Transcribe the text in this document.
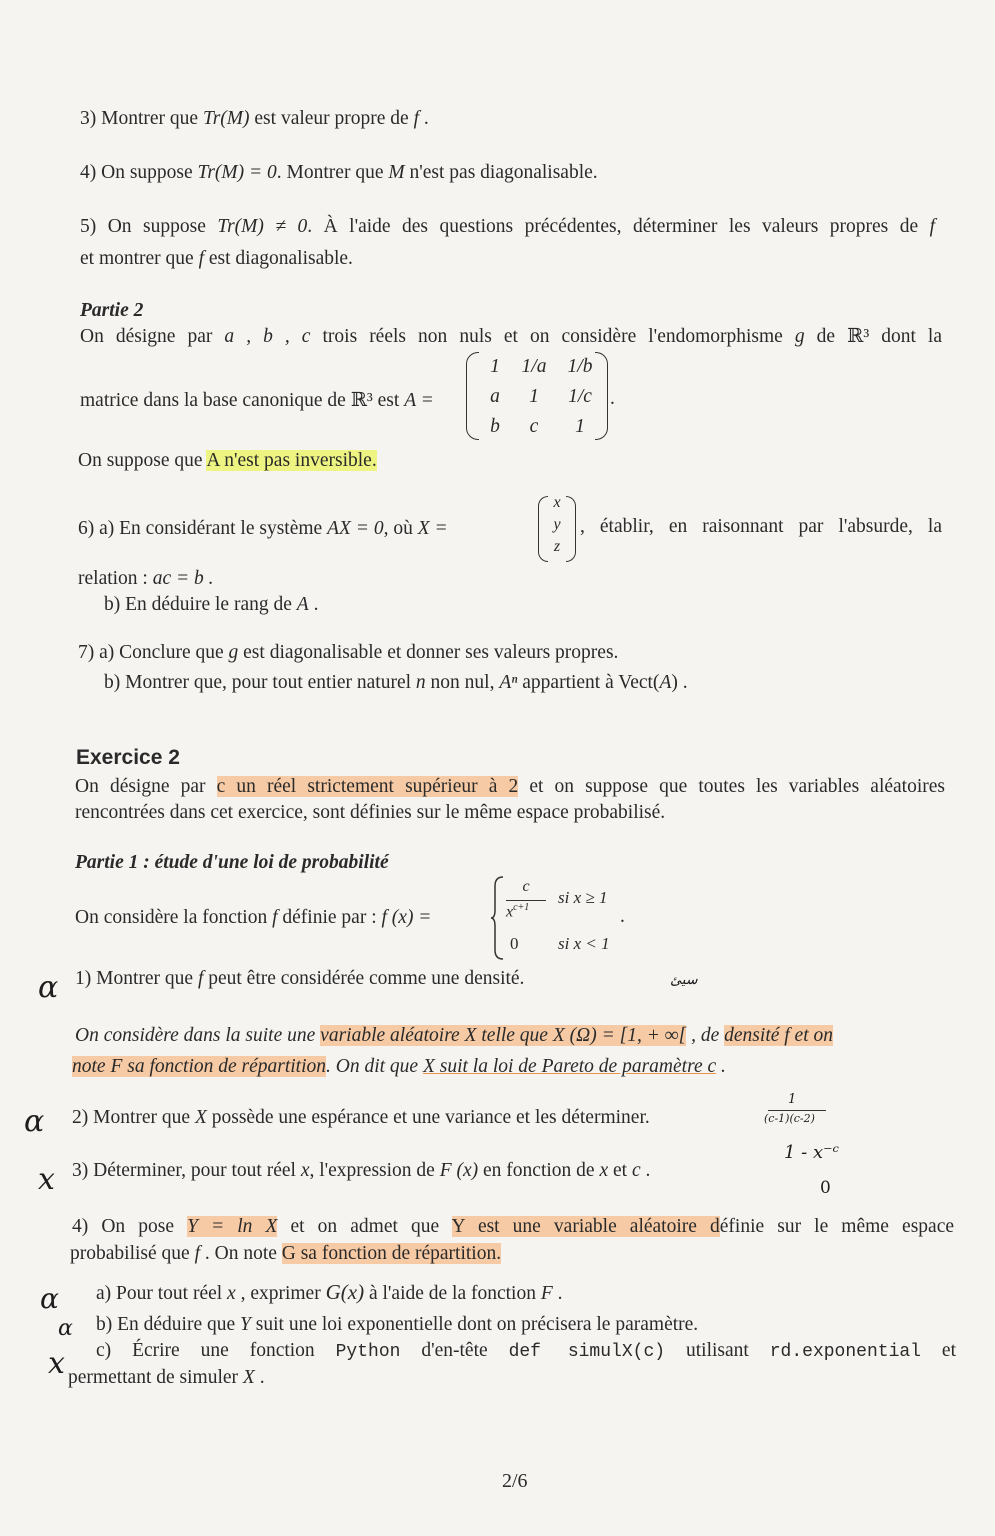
3) Montrer que Tr(M) est valeur propre de f .
4) On suppose Tr(M) = 0. Montrer que M n'est pas diagonalisable.
5) On suppose Tr(M) ≠ 0. À l'aide des questions précédentes, déterminer les valeurs propres de f
et montrer que f est diagonalisable.
Partie 2
On désigne par a , b , c trois réels non nuls et on considère l'endomorphisme g de ℝ³ dont la
matrice dans la base canonique de ℝ³ est A =
1	1/a	1/b
a	1	1/c
b	c	1
.
On suppose que A n'est pas inversible.
6) a) En considérant le système AX = 0, où X =
x
y
z
, établir, en raisonnant par l'absurde, la
relation : ac = b .
b) En déduire le rang de A .
7) a) Conclure que g est diagonalisable et donner ses valeurs propres.
b) Montrer que, pour tout entier naturel n non nul, Aⁿ appartient à Vect(A) .
Exercice 2
On désigne par c un réel strictement supérieur à 2 et on suppose que toutes les variables aléatoires
rencontrées dans cet exercice, sont définies sur le même espace probabilisé.
Partie 1 : étude d'une loi de probabilité
On considère la fonction f définie par : f (x) =
c
$x^{c+1}$
si x ≥ 1
0 si x < 1
.
1) Montrer que f peut être considérée comme une densité.
On considère dans la suite une variable aléatoire X telle que X (Ω) = [1, + ∞[ , de densité f et on
note F sa fonction de répartition. On dit que X suit la loi de Pareto de paramètre c .
2) Montrer que X possède une espérance et une variance et les déterminer.
3) Déterminer, pour tout réel x, l'expression de F (x) en fonction de x et c .
4) On pose Y = ln X et on admet que Y est une variable aléatoire définie sur le même espace
probabilisé que f . On note G sa fonction de répartition.
a) Pour tout réel x , exprimer G(x) à l'aide de la fonction F .
b) En déduire que Y suit une loi exponentielle dont on précisera le paramètre.
c) Écrire une fonction Python d'en-tête def simulX(c) utilisant rd.exponential et
permettant de simuler X .
2/6
α	سيئ
α
1
(c-1)(c-2)
x
1 - x⁻ᶜ
0
α
α
x
